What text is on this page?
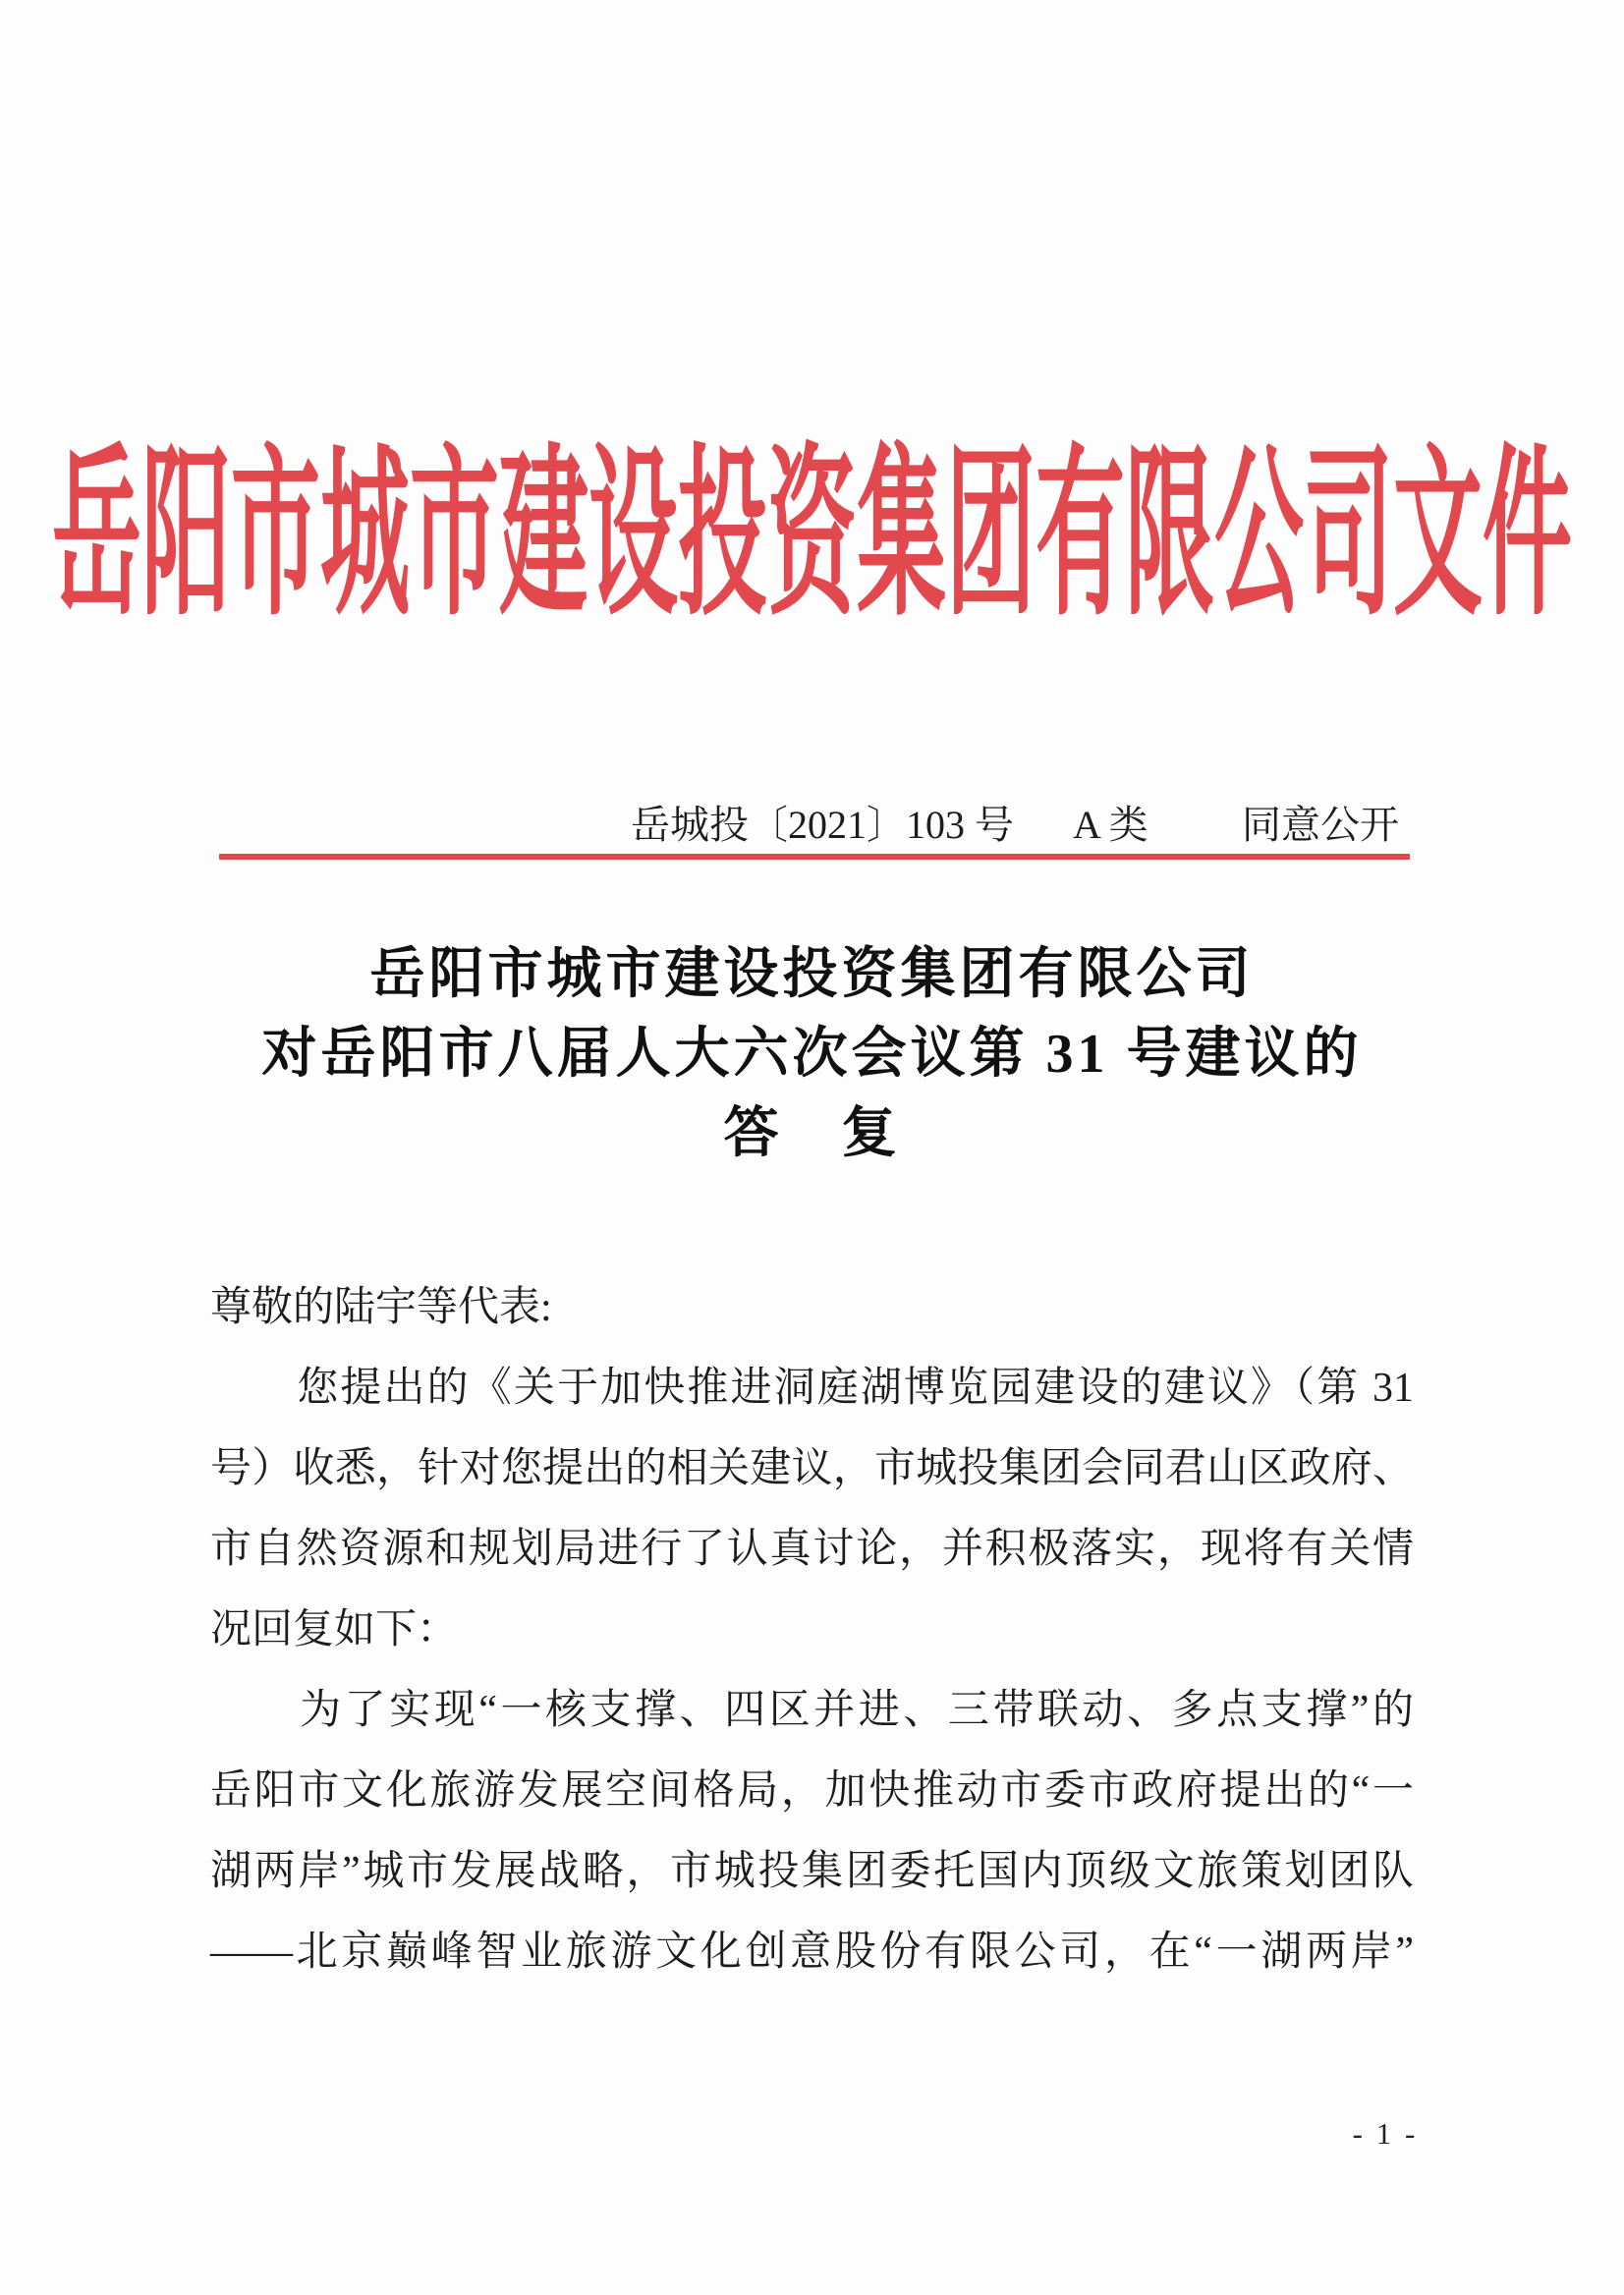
岳阳市城市建设投资集团有限公司文件
岳城投〔2021〕103 号 A 类 同意公开
岳阳市城市建设投资集团有限公司
对岳阳市八届人大六次会议第 31 号建议的
答　复
尊敬的陆宇等代表:
　　您提出的《关于加快推进洞庭湖博览园建设的建议》（第 31
号）收悉，针对您提出的相关建议，市城投集团会同君山区政府、
市自然资源和规划局进行了认真讨论，并积极落实，现将有关情
况回复如下：
　　为了实现“一核支撑、四区并进、三带联动、多点支撑”的
岳阳市文化旅游发展空间格局，加快推动市委市政府提出的“一
湖两岸”城市发展战略，市城投集团委托国内顶级文旅策划团队
——北京巅峰智业旅游文化创意股份有限公司，在“一湖两岸”
- 1 -
